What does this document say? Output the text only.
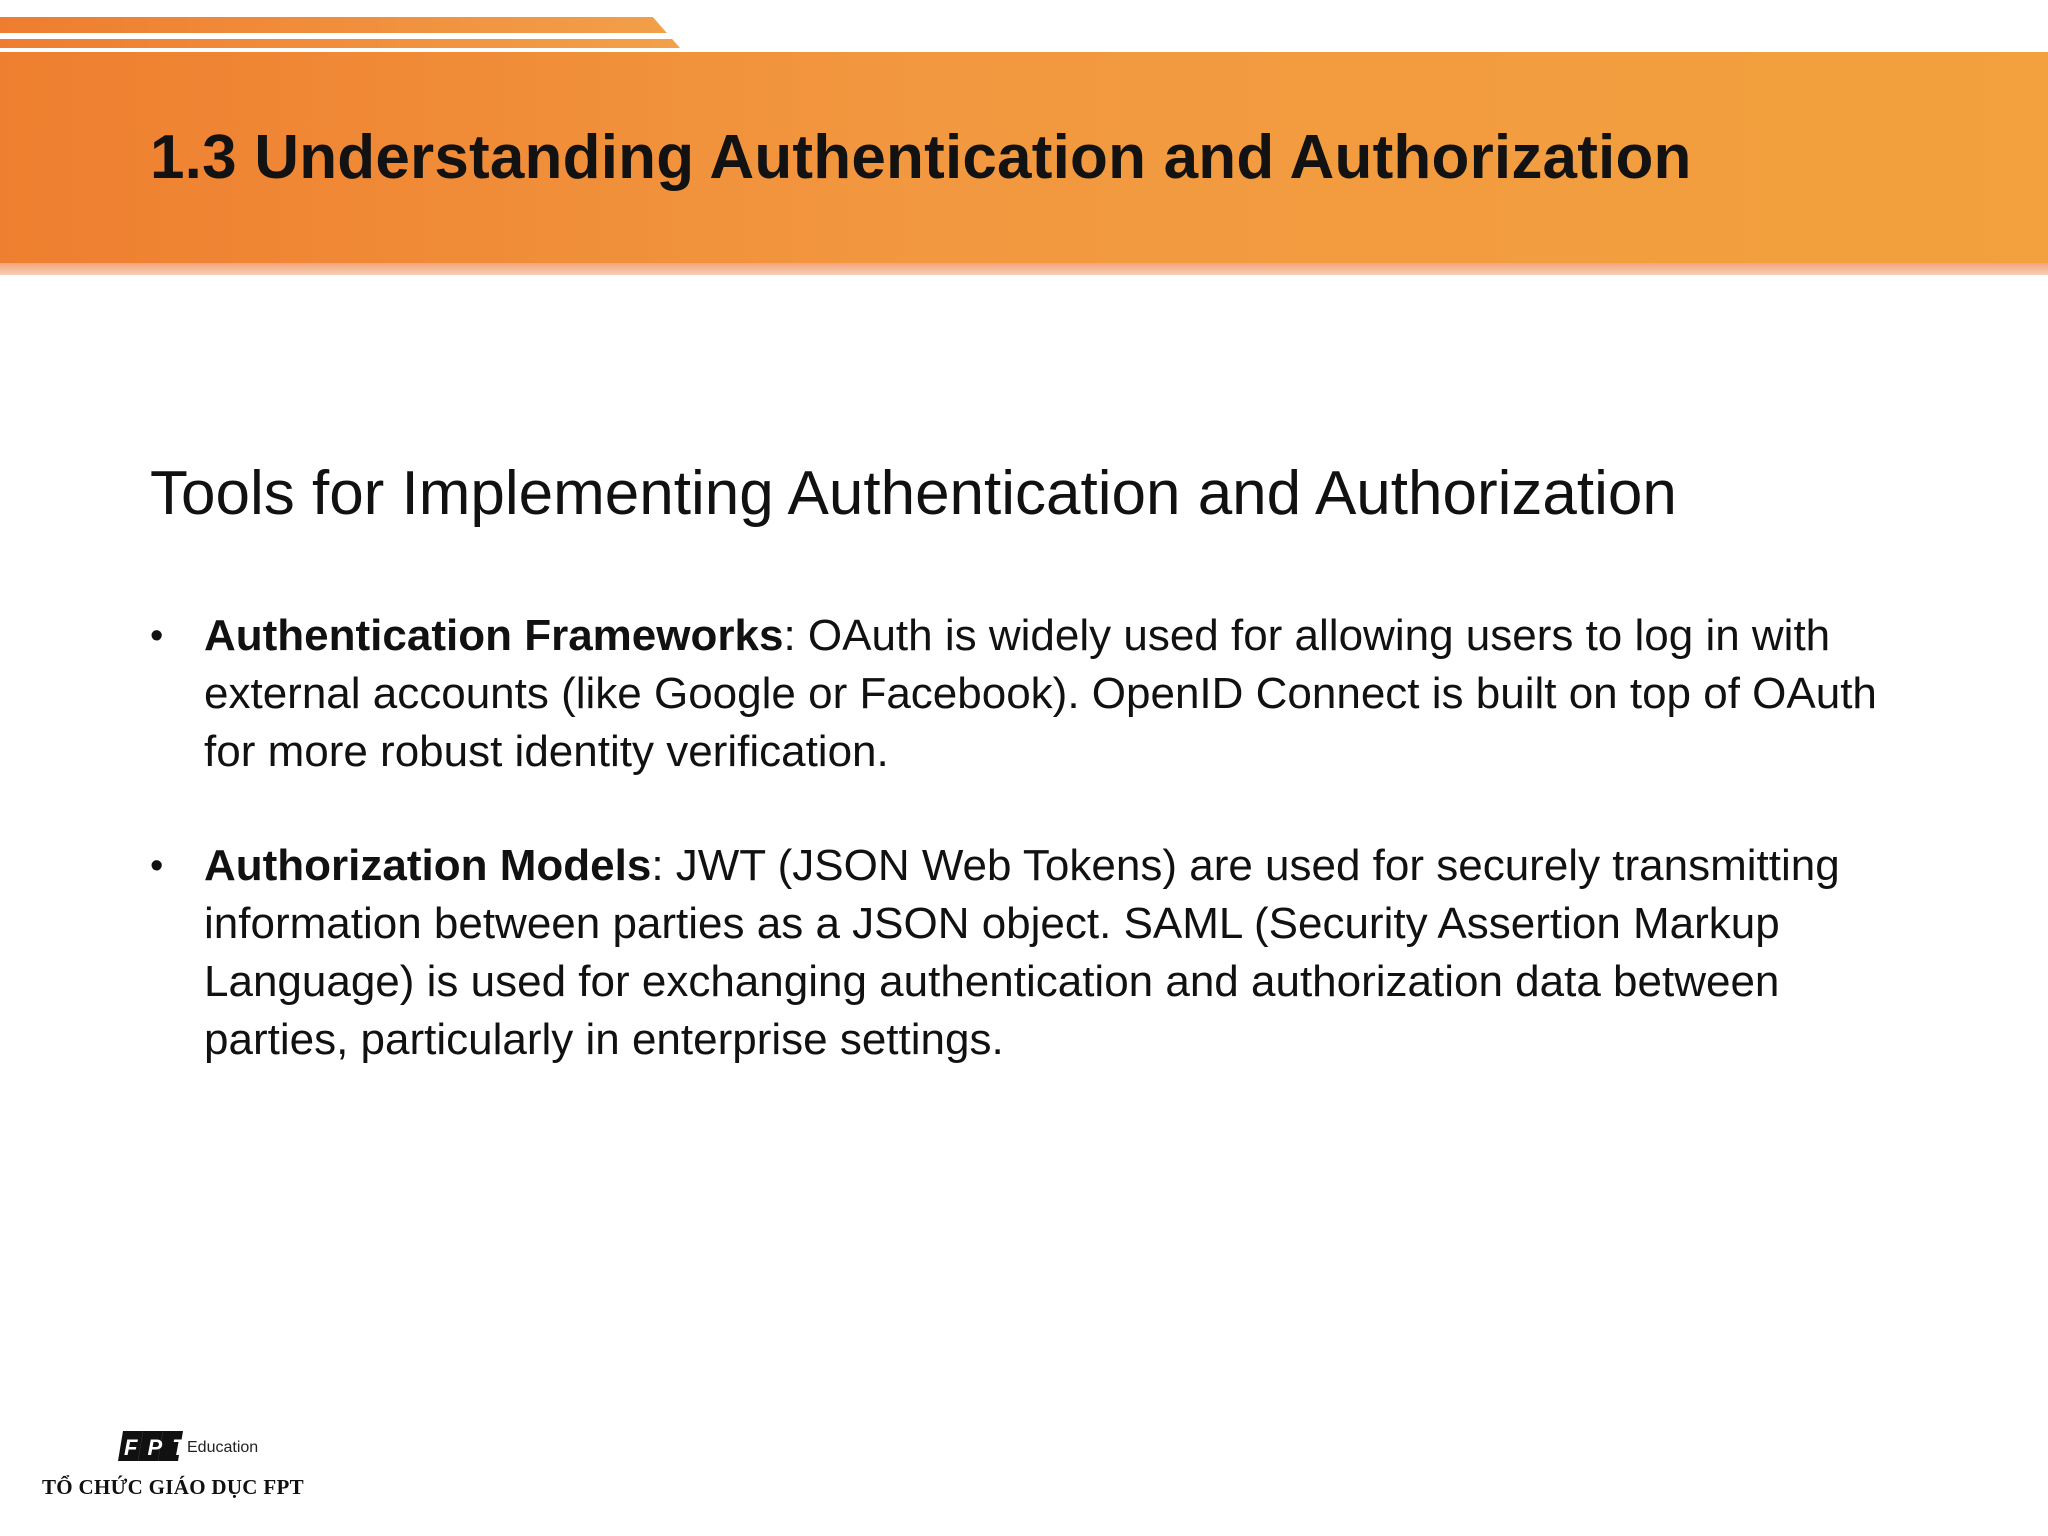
1.3 Understanding Authentication and Authorization
Tools for Implementing Authentication and Authorization
• Authentication Frameworks: OAuth is widely used for allowing users to log in with external accounts (like Google or Facebook). OpenID Connect is built on top of OAuth for more robust identity verification.
• Authorization Models: JWT (JSON Web Tokens) are used for securely transmitting information between parties as a JSON object. SAML (Security Assertion Markup Language) is used for exchanging authentication and authorization data between parties, particularly in enterprise settings.
FPT
Education
TỔ CHỨC GIÁO DỤC FPT
